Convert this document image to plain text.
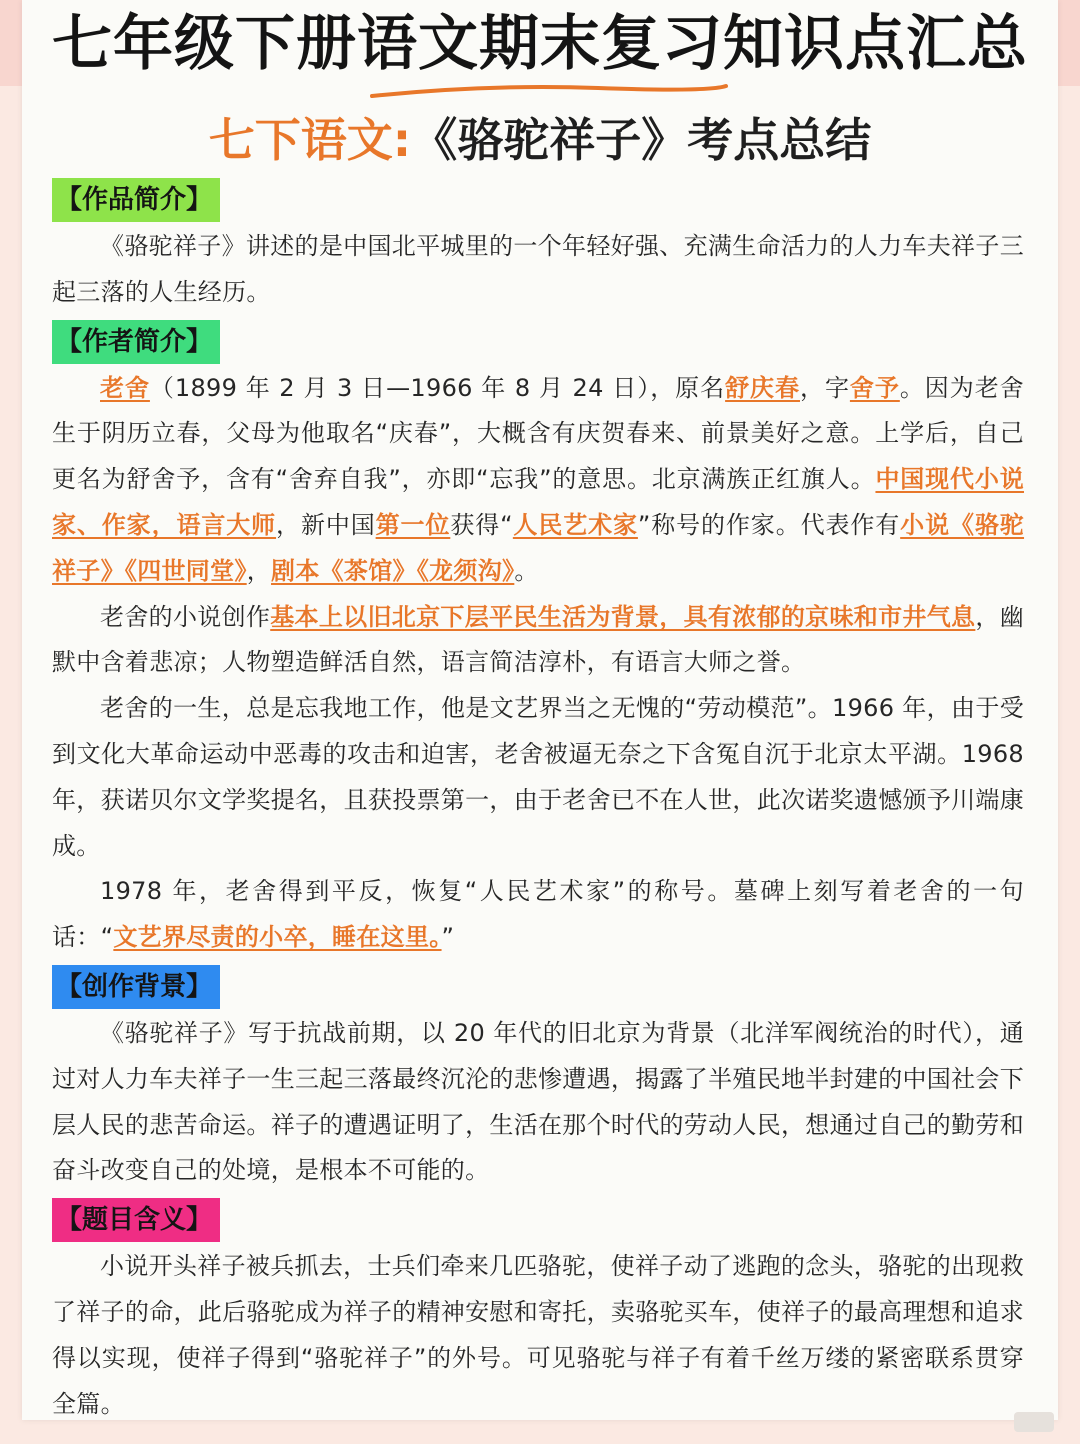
七年级下册语文期末复习知识点汇总
七下语文:《骆驼祥子》考点总结
【作品简介】

《骆驼祥子》讲述的是中国北平城里的一个年轻好强、充满生命活力的人力车夫祥子三起三落的人生经历。

【作者简介】

老舍（1899 年 2 月 3 日—1966 年 8 月 24 日），原名舒庆春，字舍予。因为老舍生于阴历立春，父母为他取名“庆春”，大概含有庆贺春来、前景美好之意。上学后，自己更名为舒舍予，含有“舍弃自我”，亦即“忘我”的意思。北京满族正红旗人。中国现代小说家、作家，语言大师，新中国第一位获得“人民艺术家”称号的作家。代表作有小说《骆驼祥子》《四世同堂》，剧本《茶馆》《龙须沟》。

老舍的小说创作基本上以旧北京下层平民生活为背景，具有浓郁的京味和市井气息，幽默中含着悲凉；人物塑造鲜活自然，语言简洁淳朴，有语言大师之誉。

老舍的一生，总是忘我地工作，他是文艺界当之无愧的“劳动模范”。1966 年，由于受到文化大革命运动中恶毒的攻击和迫害，老舍被逼无奈之下含冤自沉于北京太平湖。1968 年，获诺贝尔文学奖提名，且获投票第一，由于老舍已不在人世，此次诺奖遗憾颁予川端康成。

1978 年，老舍得到平反，恢复“人民艺术家”的称号。墓碑上刻写着老舍的一句话：“文艺界尽责的小卒，睡在这里。”

【创作背景】

《骆驼祥子》写于抗战前期，以 20 年代的旧北京为背景（北洋军阀统治的时代），通过对人力车夫祥子一生三起三落最终沉沦的悲惨遭遇，揭露了半殖民地半封建的中国社会下层人民的悲苦命运。祥子的遭遇证明了，生活在那个时代的劳动人民，想通过自己的勤劳和奋斗改变自己的处境，是根本不可能的。

【题目含义】

小说开头祥子被兵抓去，士兵们牵来几匹骆驼，使祥子动了逃跑的念头，骆驼的出现救了祥子的命，此后骆驼成为祥子的精神安慰和寄托，卖骆驼买车，使祥子的最高理想和追求得以实现，使祥子得到“骆驼祥子”的外号。可见骆驼与祥子有着千丝万缕的紧密联系贯穿全篇。
